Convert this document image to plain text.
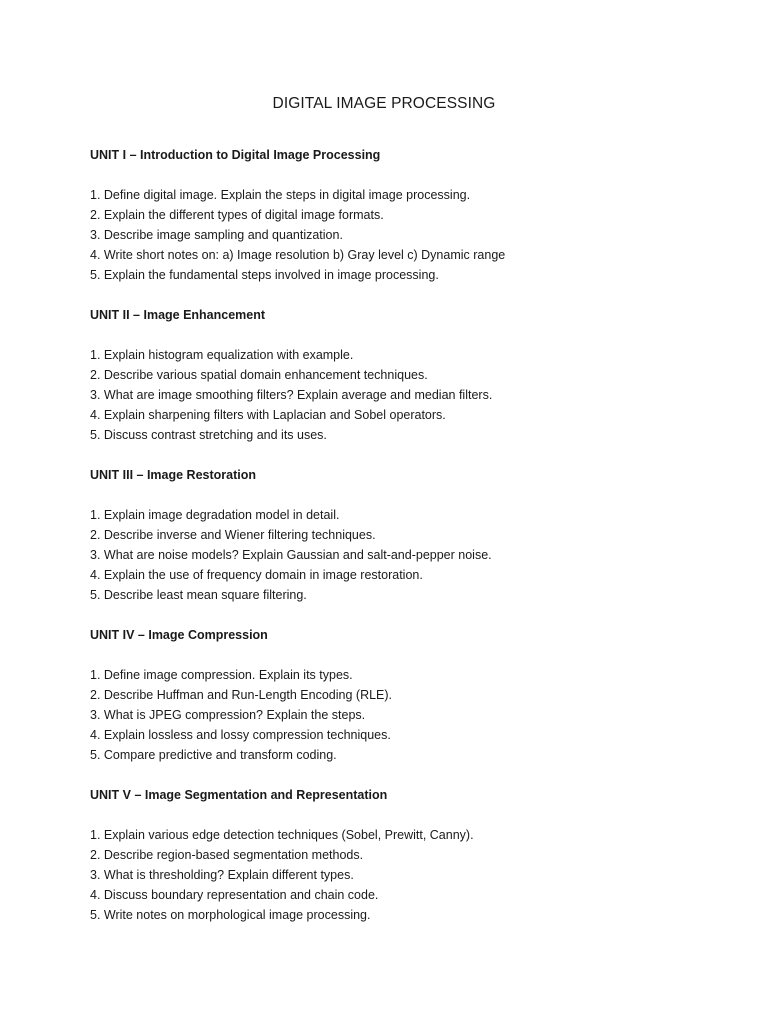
DIGITAL IMAGE PROCESSING
UNIT I – Introduction to Digital Image Processing
1. Define digital image. Explain the steps in digital image processing.
2. Explain the different types of digital image formats.
3. Describe image sampling and quantization.
4. Write short notes on: a) Image resolution b) Gray level c) Dynamic range
5. Explain the fundamental steps involved in image processing.
UNIT II – Image Enhancement
1. Explain histogram equalization with example.
2. Describe various spatial domain enhancement techniques.
3. What are image smoothing filters? Explain average and median filters.
4. Explain sharpening filters with Laplacian and Sobel operators.
5. Discuss contrast stretching and its uses.
UNIT III – Image Restoration
1. Explain image degradation model in detail.
2. Describe inverse and Wiener filtering techniques.
3. What are noise models? Explain Gaussian and salt-and-pepper noise.
4. Explain the use of frequency domain in image restoration.
5. Describe least mean square filtering.
UNIT IV – Image Compression
1. Define image compression. Explain its types.
2. Describe Huffman and Run-Length Encoding (RLE).
3. What is JPEG compression? Explain the steps.
4. Explain lossless and lossy compression techniques.
5. Compare predictive and transform coding.
UNIT V – Image Segmentation and Representation
1. Explain various edge detection techniques (Sobel, Prewitt, Canny).
2. Describe region-based segmentation methods.
3. What is thresholding? Explain different types.
4. Discuss boundary representation and chain code.
5. Write notes on morphological image processing.
